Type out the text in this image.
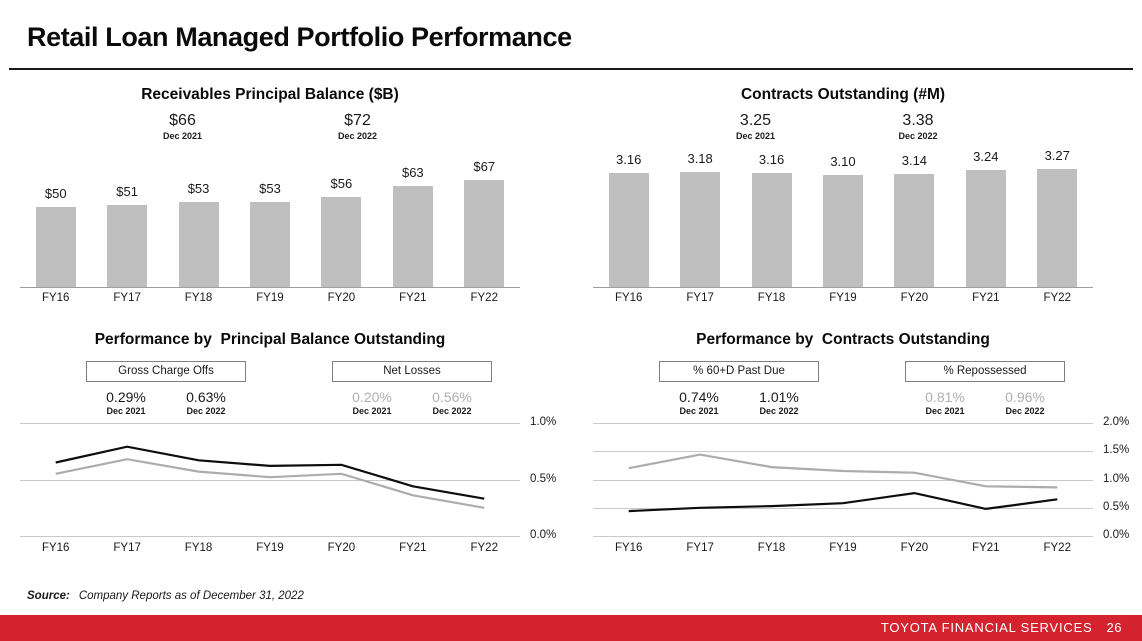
Retail Loan Managed Portfolio Performance
Receivables Principal Balance ($B)
$66
Dec 2021
$72
Dec 2022
$50	$51	$53	$53	$56
$63	$67
FY16	FY17	FY18	FY19	FY20	FY21	FY22
Contracts Outstanding (#M)
3.25
Dec 2021
3.38
Dec 2022
3.16	3.18	3.16	3.10	3.14	3.24	3.27
FY16	FY17	FY18	FY19	FY20	FY21	FY22
Performance by  Principal Balance Outstanding
Gross Charge Offs
0.29%
Dec 2021
0.63%
Dec 2022
Net Losses
0.20%
Dec 2021
0.56%
Dec 2022
1.0%
0.5%
0.0%
FY16	FY17	FY18	FY19	FY20	FY21	FY22
Performance by  Contracts Outstanding
% 60+D Past Due
0.74%
Dec 2021
1.01%
Dec 2022
% Repossessed
0.81%
Dec 2021
0.96%
Dec 2022
2.0%
1.5%
1.0%
0.5%
0.0%
FY16	FY17	FY18	FY19	FY20	FY21	FY22
Source: Company Reports as of December 31, 2022
TOYOTA FINANCIAL SERVICES 26
